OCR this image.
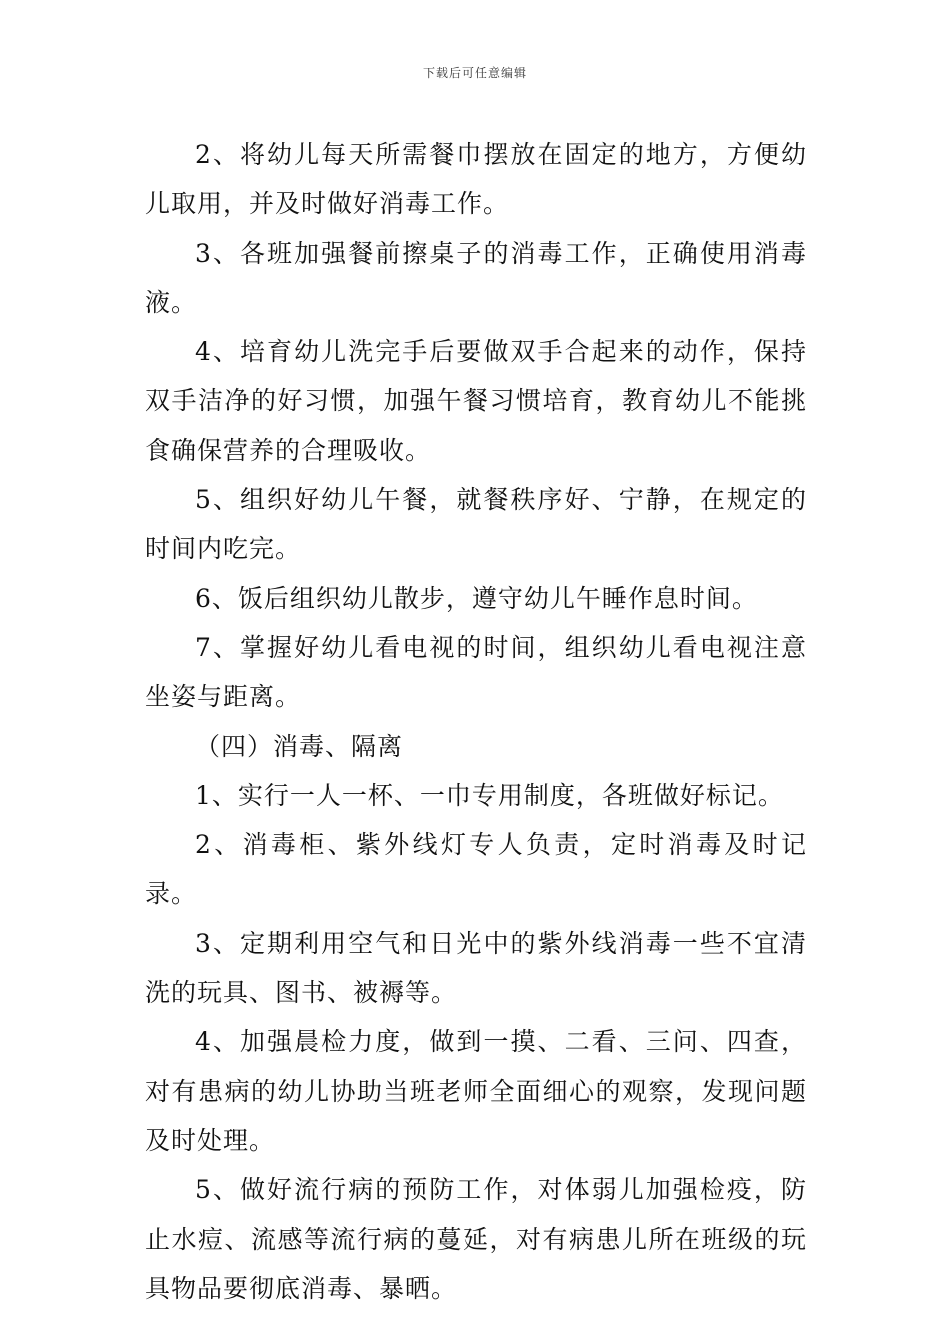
下载后可任意编辑

2、将幼儿每天所需餐巾摆放在固定的地方，方便幼儿取用，并及时做好消毒工作。

3、各班加强餐前擦桌子的消毒工作，正确使用消毒液。

4、培育幼儿洗完手后要做双手合起来的动作，保持双手洁净的好习惯，加强午餐习惯培育，教育幼儿不能挑食确保营养的合理吸收。

5、组织好幼儿午餐，就餐秩序好、宁静，在规定的时间内吃完。

6、饭后组织幼儿散步，遵守幼儿午睡作息时间。

7、掌握好幼儿看电视的时间，组织幼儿看电视注意坐姿与距离。

（四）消毒、隔离

1、实行一人一杯、一巾专用制度，各班做好标记。

2、消毒柜、紫外线灯专人负责，定时消毒及时记录。

3、定期利用空气和日光中的紫外线消毒一些不宜清洗的玩具、图书、被褥等。

4、加强晨检力度，做到一摸、二看、三问、四查，对有患病的幼儿协助当班老师全面细心的观察，发现问题及时处理。

5、做好流行病的预防工作，对体弱儿加强检疫，防止水痘、流感等流行病的蔓延，对有病患儿所在班级的玩具物品要彻底消毒、暴晒。
